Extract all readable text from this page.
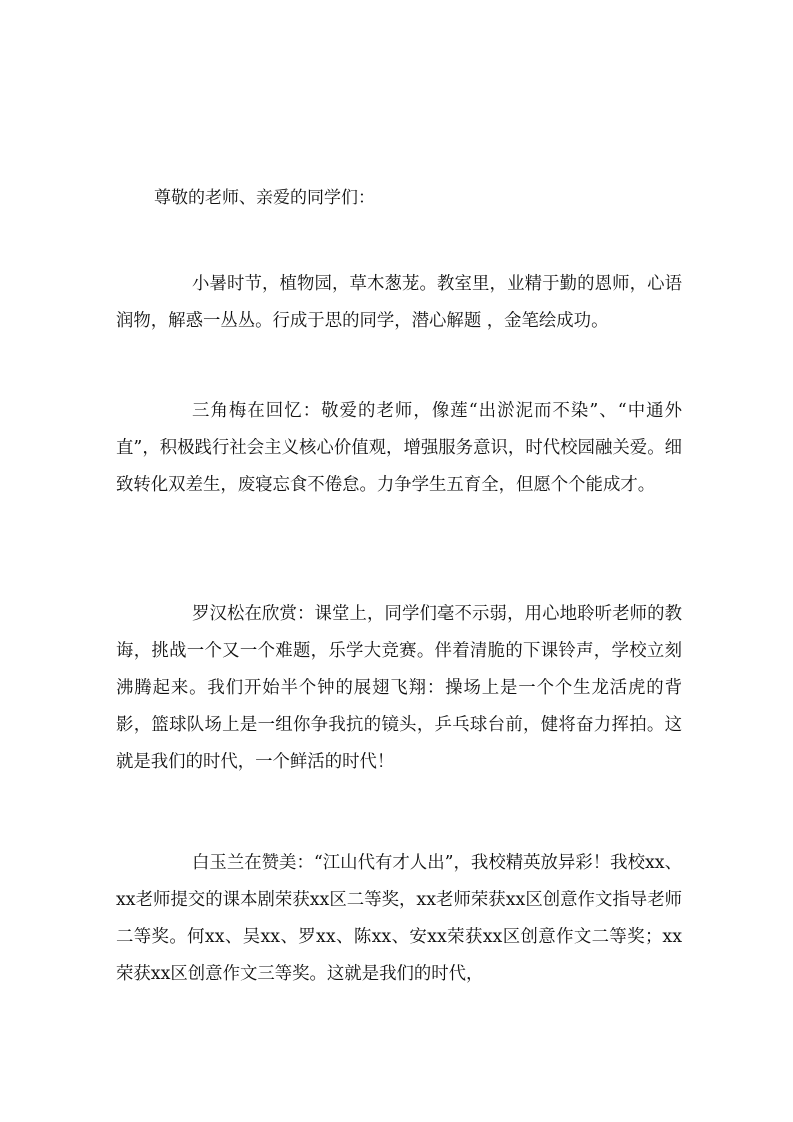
尊敬的老师、亲爱的同学们：

小暑时节，植物园，草木葱茏。教室里，业精于勤的恩师，心语润物，解惑一丛丛。行成于思的同学，潜心解题 ，金笔绘成功。

三角梅在回忆：敬爱的老师，像莲“出淤泥而不染”、“中通外直”，积极践行社会主义核心价值观，增强服务意识，时代校园融关爱。细致转化双差生，废寝忘食不倦怠。力争学生五育全，但愿个个能成才。

罗汉松在欣赏：课堂上，同学们毫不示弱，用心地聆听老师的教诲，挑战一个又一个难题，乐学大竞赛。伴着清脆的下课铃声，学校立刻沸腾起来。我们开始半个钟的展翅飞翔：操场上是一个个生龙活虎的背影，篮球队场上是一组你争我抗的镜头，乒乓球台前，健将奋力挥拍。这就是我们的时代，一个鲜活的时代！

白玉兰在赞美：“江山代有才人出”，我校精英放异彩！我校xx、xx老师提交的课本剧荣获xx区二等奖，xx老师荣获xx区创意作文指导老师二等奖。何xx、吴xx、罗xx、陈xx、安xx荣获xx区创意作文二等奖；xx荣获xx区创意作文三等奖。这就是我们的时代，
